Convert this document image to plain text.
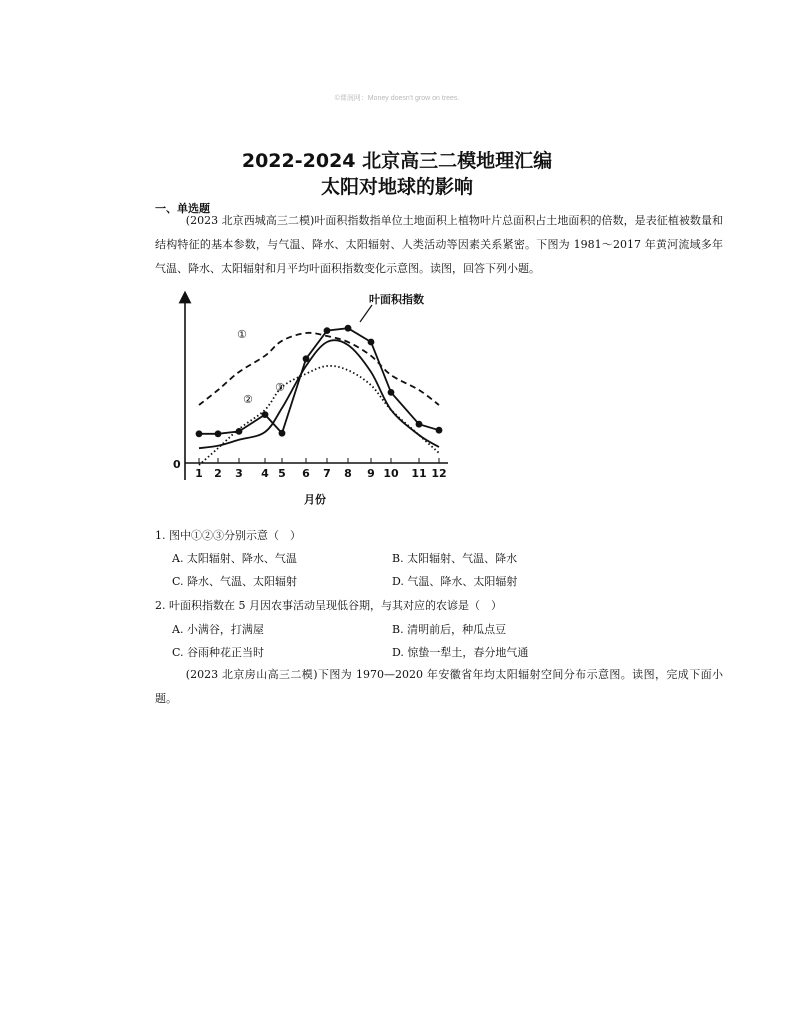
©课润网：Money doesn't grow on trees.
2022-2024 北京高三二模地理汇编
太阳对地球的影响
一、单选题
(2023 北京西城高三二模)叶面积指数指单位土地面积上植物叶片总面积占土地面积的倍数，是表征植被数量和结构特征的基本参数，与气温、降水、太阳辐射、人类活动等因素关系紧密。下图为 1981～2017 年黄河流域多年气温、降水、太阳辐射和月平均叶面积指数变化示意图。读图，回答下列小题。
0
1 2 3 4 5 6 7 8 9 10 11 12
叶面积指数
①
②
③
月份
1. 图中①②③分别示意（　）
A. 太阳辐射、降水、气温	B. 太阳辐射、气温、降水
C. 降水、气温、太阳辐射	D. 气温、降水、太阳辐射
2. 叶面积指数在 5 月因农事活动呈现低谷期，与其对应的农谚是（　）
A. 小满谷，打满屋	B. 清明前后，种瓜点豆
C. 谷雨种花正当时	D. 惊蛰一犁土，春分地气通
(2023 北京房山高三二模)下图为 1970—2020 年安徽省年均太阳辐射空间分布示意图。读图，完成下面小题。
